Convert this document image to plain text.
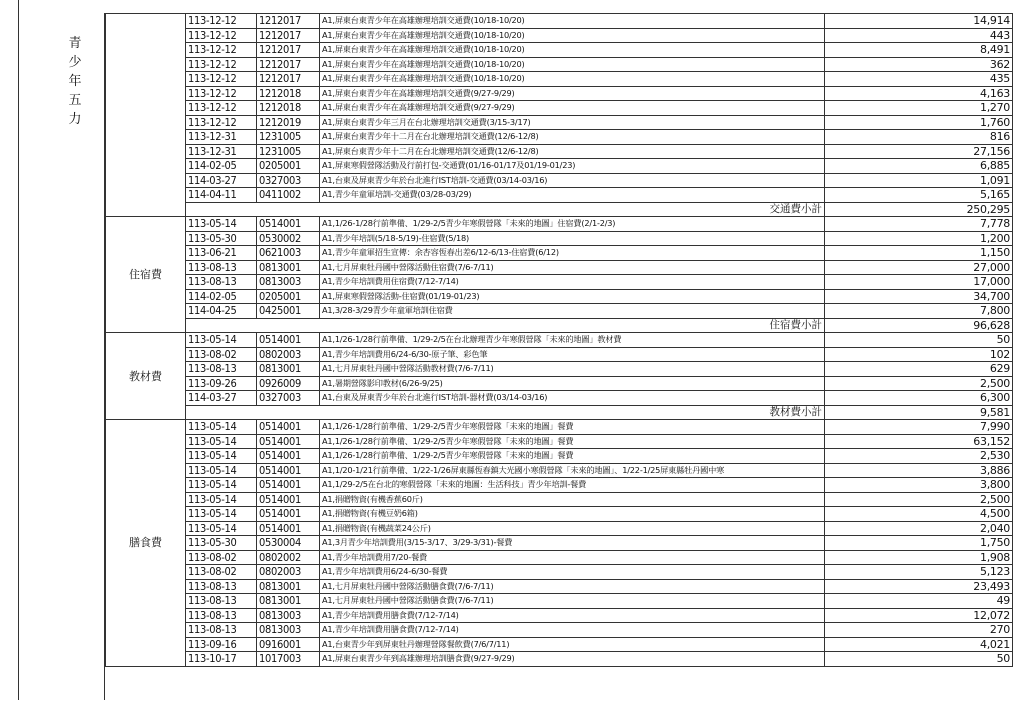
青
少
年
五
力
	113-12-12	1212017	A1,屏東台東青少年在高雄辦理培訓交通費(10/18-10/20)	14,914
	113-12-12	1212017	A1,屏東台東青少年在高雄辦理培訓交通費(10/18-10/20)	443
	113-12-12	1212017	A1,屏東台東青少年在高雄辦理培訓交通費(10/18-10/20)	8,491
	113-12-12	1212017	A1,屏東台東青少年在高雄辦理培訓交通費(10/18-10/20)	362
	113-12-12	1212017	A1,屏東台東青少年在高雄辦理培訓交通費(10/18-10/20)	435
	113-12-12	1212018	A1,屏東台東青少年在高雄辦理培訓交通費(9/27-9/29)	4,163
	113-12-12	1212018	A1,屏東台東青少年在高雄辦理培訓交通費(9/27-9/29)	1,270
	113-12-12	1212019	A1,屏東台東青少年三月在台北辦理培訓交通費(3/15-3/17)	1,760
	113-12-31	1231005	A1,屏東台東青少年十二月在台北辦理培訓交通費(12/6-12/8)	816
	113-12-31	1231005	A1,屏東台東青少年十二月在台北辦理培訓交通費(12/6-12/8)	27,156
	114-02-05	0205001	A1,屏東寒假營隊活動及行前打包-交通費(01/16-01/17及01/19-01/23)	6,885
	114-03-27	0327003	A1,台東及屏東青少年於台北進行IST培訓-交通費(03/14-03/16)	1,091
	114-04-11	0411002	A1,青少年童軍培訓-交通費(03/28-03/29)	5,165
	交通費小計			250,295
住宿費	113-05-14	0514001	A1,1/26-1/28行前準備、1/29-2/5青少年寒假營隊「未來的地圖」住宿費(2/1-2/3)	7,778
	113-05-30	0530002	A1,青少年培訓(5/18-5/19)-住宿費(5/18)	1,200
	113-06-21	0621003	A1,青少年童軍招生宣傳：余杏容恆春出差6/12-6/13-住宿費(6/12)	1,150
	113-08-13	0813001	A1,七月屏東牡丹國中營隊活動住宿費(7/6-7/11)	27,000
	113-08-13	0813003	A1,青少年培訓費用住宿費(7/12-7/14)	17,000
	114-02-05	0205001	A1,屏東寒假營隊活動-住宿費(01/19-01/23)	34,700
	114-04-25	0425001	A1,3/28-3/29青少年童軍培訓住宿費	7,800
	住宿費小計			96,628
教材費	113-05-14	0514001	A1,1/26-1/28行前準備、1/29-2/5在台北辦理青少年寒假營隊「未來的地圖」教材費	50
	113-08-02	0802003	A1,青少年培訓費用6/24-6/30-原子筆、彩色筆	102
	113-08-13	0813001	A1,七月屏東牡丹國中營隊活動教材費(7/6-7/11)	629
	113-09-26	0926009	A1,暑期營隊影印教材(6/26-9/25)	2,500
	114-03-27	0327003	A1,台東及屏東青少年於台北進行IST培訓-器材費(03/14-03/16)	6,300
	教材費小計			9,581
膳食費	113-05-14	0514001	A1,1/26-1/28行前準備、1/29-2/5青少年寒假營隊「未來的地圖」餐費	7,990
	113-05-14	0514001	A1,1/26-1/28行前準備、1/29-2/5青少年寒假營隊「未來的地圖」餐費	63,152
	113-05-14	0514001	A1,1/26-1/28行前準備、1/29-2/5青少年寒假營隊「未來的地圖」餐費	2,530
	113-05-14	0514001	A1,1/20-1/21行前準備、1/22-1/26屏東縣恆春鎮大光國小寒假營隊「未來的地圖」、1/22-1/25屏東縣牡丹國中寒	3,886
	113-05-14	0514001	A1,1/29-2/5在台北的寒假營隊「未來的地圖：生活科技」青少年培訓-餐費	3,800
	113-05-14	0514001	A1,捐贈物資(有機香蕉60斤)	2,500
	113-05-14	0514001	A1,捐贈物資(有機豆奶6箱)	4,500
	113-05-14	0514001	A1,捐贈物資(有機蔬菜24公斤)	2,040
	113-05-30	0530004	A1,3月青少年培訓費用(3/15-3/17、3/29-3/31)-餐費	1,750
	113-08-02	0802002	A1,青少年培訓費用7/20-餐費	1,908
	113-08-02	0802003	A1,青少年培訓費用6/24-6/30-餐費	5,123
	113-08-13	0813001	A1,七月屏東牡丹國中營隊活動膳食費(7/6-7/11)	23,493
	113-08-13	0813001	A1,七月屏東牡丹國中營隊活動膳食費(7/6-7/11)	49
	113-08-13	0813003	A1,青少年培訓費用膳食費(7/12-7/14)	12,072
	113-08-13	0813003	A1,青少年培訓費用膳食費(7/12-7/14)	270
	113-09-16	0916001	A1,台東青少年到屏東牡丹辦理營隊餐飲費(7/6/7/11)	4,021
	113-10-17	1017003	A1,屏東台東青少年到高雄辦理培訓膳食費(9/27-9/29)	50
